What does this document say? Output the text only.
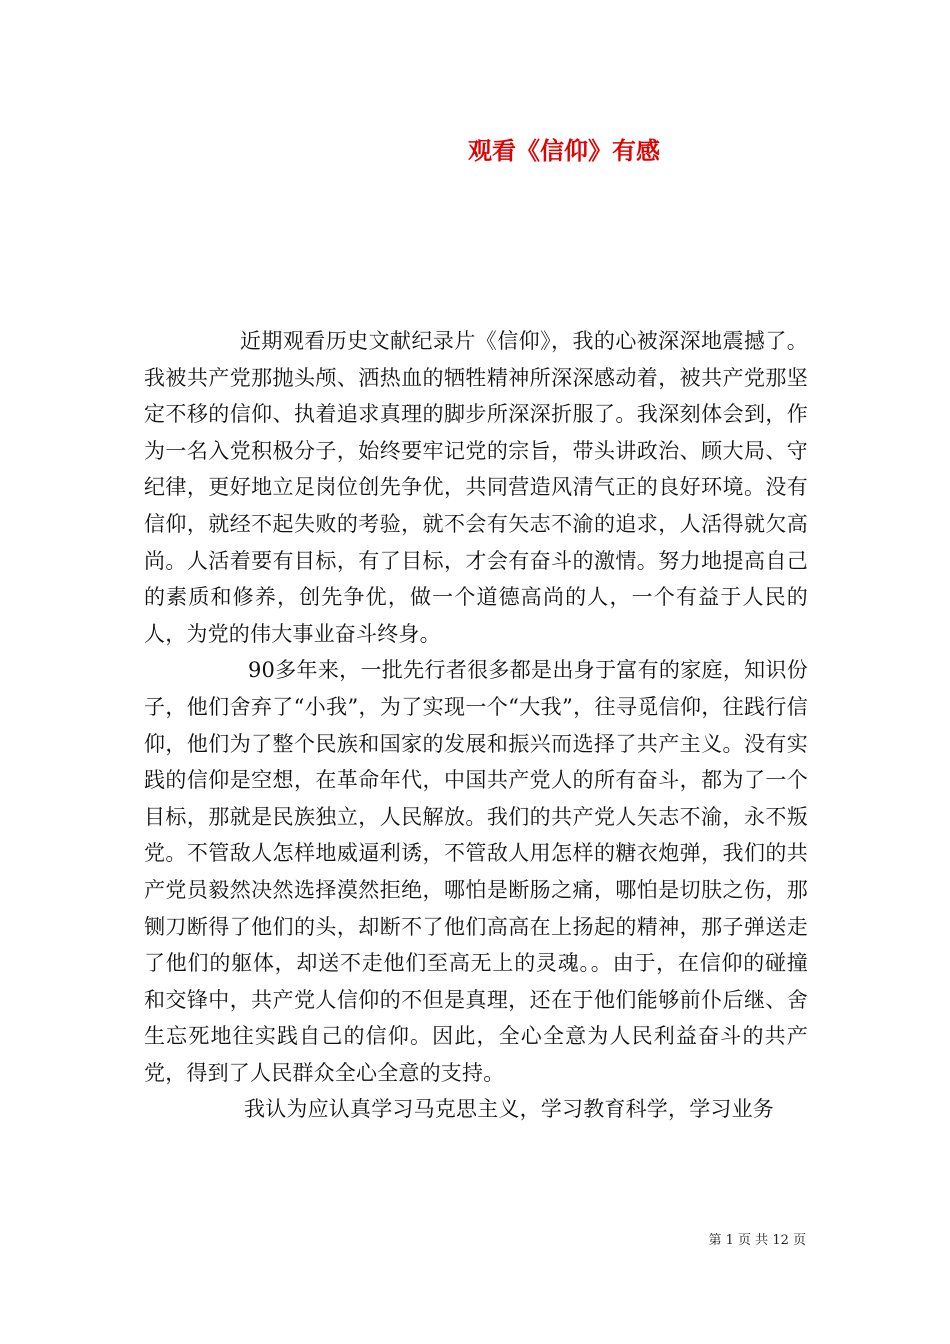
观看《信仰》有感

近期观看历史文献纪录片《信仰》，我的心被深深地震撼了。我被共产党那抛头颅、洒热血的牺牲精神所深深感动着，被共产党那坚定不移的信仰、执着追求真理的脚步所深深折服了。我深刻体会到，作为一名入党积极分子，始终要牢记党的宗旨，带头讲政治、顾大局、守纪律，更好地立足岗位创先争优，共同营造风清气正的良好环境。没有信仰，就经不起失败的考验，就不会有矢志不渝的追求，人活得就欠高尚。人活着要有目标，有了目标，才会有奋斗的激情。努力地提高自己的素质和修养，创先争优，做一个道德高尚的人，一个有益于人民的人，为党的伟大事业奋斗终身。

90多年来，一批先行者很多都是出身于富有的家庭，知识份子，他们舍弃了“小我”，为了实现一个“大我”，往寻觅信仰，往践行信仰，他们为了整个民族和国家的发展和振兴而选择了共产主义。没有实践的信仰是空想，在革命年代，中国共产党人的所有奋斗，都为了一个目标，那就是民族独立，人民解放。我们的共产党人矢志不渝，永不叛党。不管敌人怎样地威逼利诱，不管敌人用怎样的糖衣炮弹，我们的共产党员毅然决然选择漠然拒绝，哪怕是断肠之痛，哪怕是切肤之伤，那铡刀断得了他们的头，却断不了他们高高在上扬起的精神，那子弹送走了他们的躯体，却送不走他们至高无上的灵魂。。由于，在信仰的碰撞和交锋中，共产党人信仰的不但是真理，还在于他们能够前仆后继、舍生忘死地往实践自己的信仰。因此，全心全意为人民利益奋斗的共产党，得到了人民群众全心全意的支持。

我认为应认真学习马克思主义，学习教育科学，学习业务

第 1 页 共 12 页
